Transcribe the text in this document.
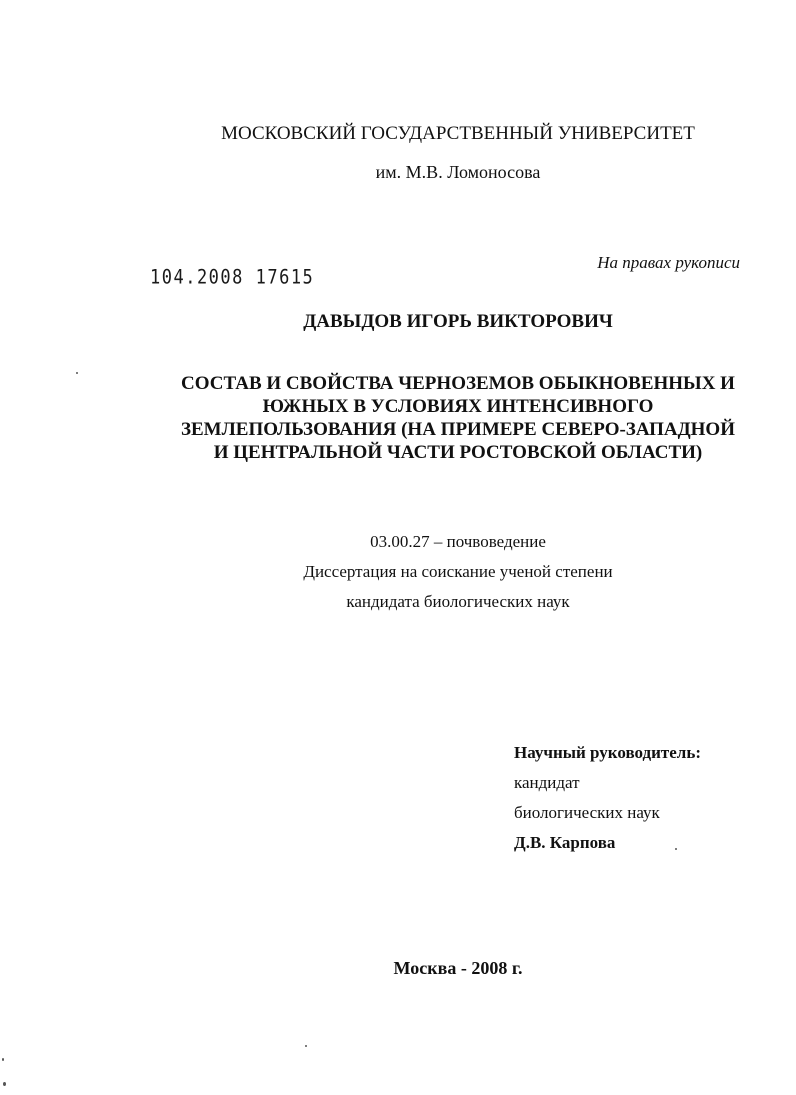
МОСКОВСКИЙ ГОСУДАРСТВЕННЫЙ УНИВЕРСИТЕТ
им. М.В. Ломоносова
104.2008 17615
На правах рукописи
ДАВЫДОВ ИГОРЬ ВИКТОРОВИЧ
СОСТАВ И СВОЙСТВА ЧЕРНОЗЕМОВ ОБЫКНОВЕННЫХ И
ЮЖНЫХ В УСЛОВИЯХ ИНТЕНСИВНОГО
ЗЕМЛЕПОЛЬЗОВАНИЯ (НА ПРИМЕРЕ СЕВЕРО-ЗАПАДНОЙ
И ЦЕНТРАЛЬНОЙ ЧАСТИ РОСТОВСКОЙ ОБЛАСТИ)
03.00.27 – почвоведение
Диссертация на соискание ученой степени
кандидата биологических наук
Научный руководитель:
кандидат
биологических наук
Д.В. Карпова
Москва - 2008 г.
